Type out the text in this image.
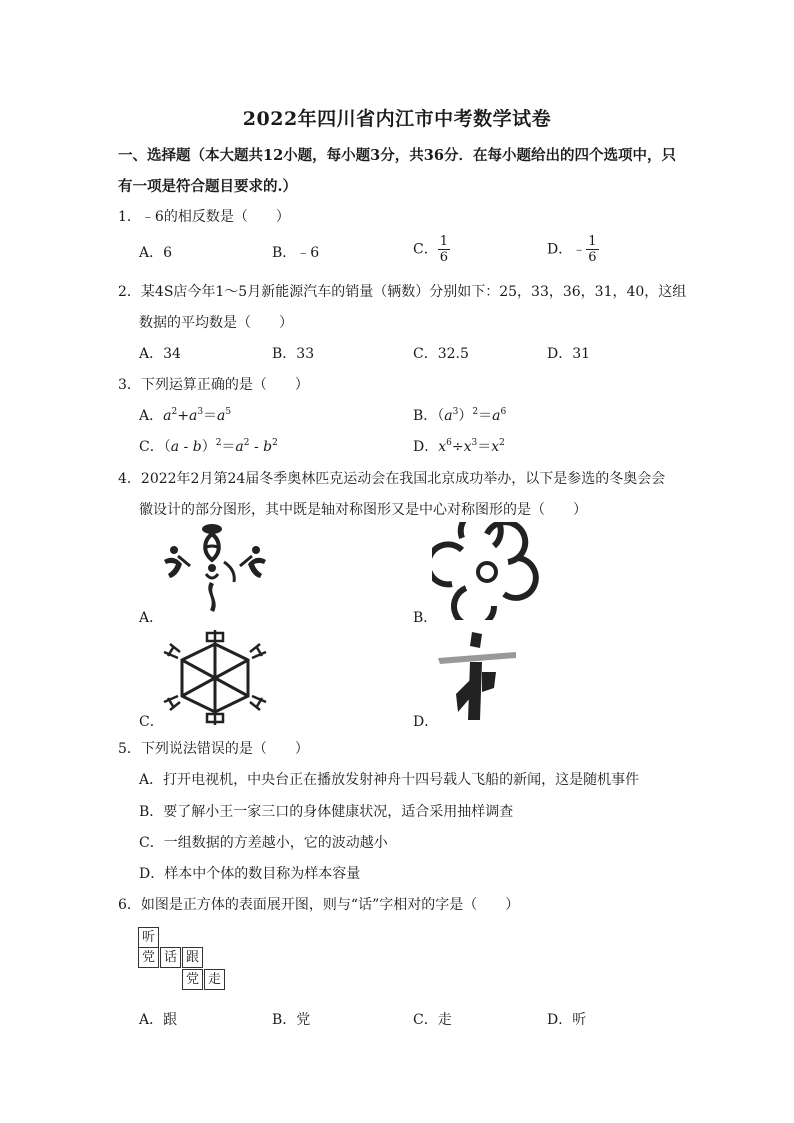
2022年四川省内江市中考数学试卷
一、选择题（本大题共12小题，每小题3分，共36分．在每小题给出的四个选项中，只有一项是符合题目要求的.）
1．﹣6的相反数是（　　）
A．6	B．﹣6	C． $\frac{1}{6}$	D．﹣ $\frac{1}{6}$
2．某4S店今年1～5月新能源汽车的销量（辆数）分别如下：25，33，36，31，40，这组
数据的平均数是（　　）
A．34	B．33	C．32.5	D．31
3．下列运算正确的是（　　）
A．$a^2+a^3=a^5$	B．$(a^3)^2=a^6$
C．$(a - b)^2=a^2 - b^2$	D．$x^6\div x^3=x^2$
4．2022年2月第24届冬季奥林匹克运动会在我国北京成功举办，以下是参选的冬奥会会
徽设计的部分图形，其中既是轴对称图形又是中心对称图形的是（　　）
A．	B．
C．	D．
5．下列说法错误的是（　　）
A．打开电视机，中央台正在播放发射神舟十四号载人飞船的新闻，这是随机事件
B．要了解小王一家三口的身体健康状况，适合采用抽样调查
C．一组数据的方差越小，它的波动越小
D．样本中个体的数目称为样本容量
6．如图是正方体的表面展开图，则与“话”字相对的字是（　　）
听
党 话 跟
党 走
A．跟	B．党	C．走	D．听
